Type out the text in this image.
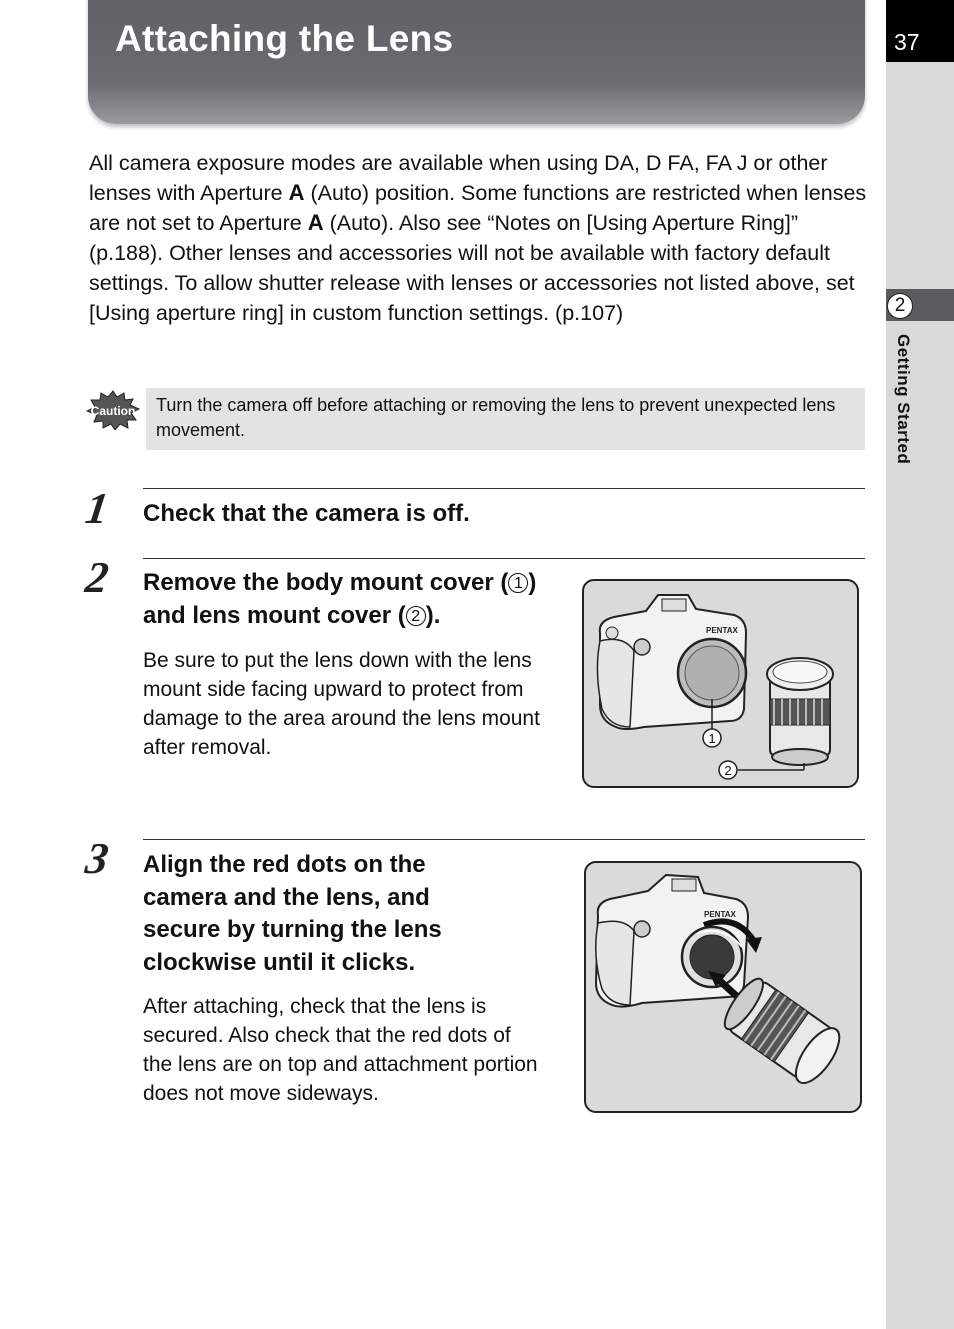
Attaching the Lens	37
2
Getting Started

All camera exposure modes are available when using DA, D FA, FA J or other lenses with Aperture A (Auto) position. Some functions are restricted when lenses are not set to Aperture A (Auto). Also see “Notes on [Using Aperture Ring]” (p.188). Other lenses and accessories will not be available with factory default settings. To allow shutter release with lenses or accessories not listed above, set [Using aperture ring] in custom function settings. (p.107)

Caution Turn the camera off before attaching or removing the lens to prevent unexpected lens movement.

1 Check that the camera is off.

2 Remove the body mount cover ( 1 ) and lens mount cover ( 2 ).

Be sure to put the lens down with the lens mount side facing upward to protect from damage to the area around the lens mount after removal.

PENTAX
1
2
3 Align the red dots on the camera and the lens, and secure by turning the lens clockwise until it clicks.

After attaching, check that the lens is secured. Also check that the red dots of the lens are on top and attachment portion does not move sideways.

PENTAX
